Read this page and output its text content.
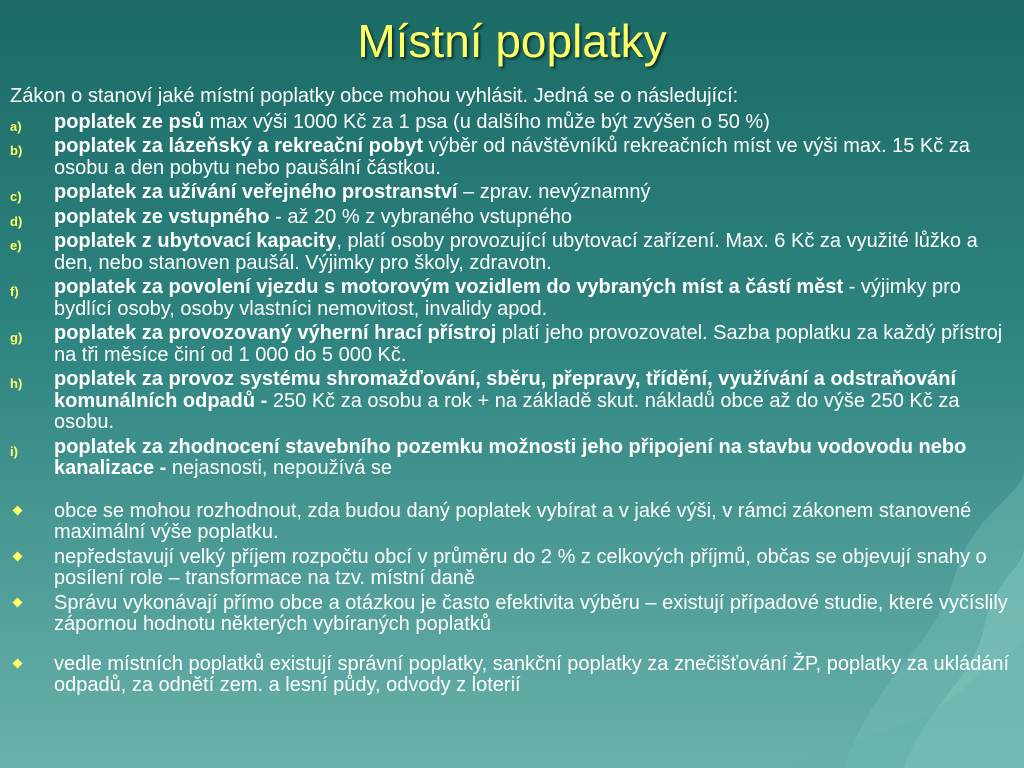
Místní poplatky
Zákon o stanoví jaké místní poplatky obce mohou vyhlásit. Jedná se o následující:
a) poplatek ze psů max výši 1000 Kč za 1 psa (u dalšího může být zvýšen o 50 %)
b) poplatek za lázeňský a rekreační pobyt výběr od návštěvníků rekreačních míst ve výši max. 15 Kč za osobu a den pobytu nebo paušální částkou.
c) poplatek za užívání veřejného prostranství – zprav. nevýznamný
d) poplatek ze vstupného - až 20 % z vybraného vstupného
e) poplatek z ubytovací kapacity, platí osoby provozující ubytovací zařízení. Max. 6 Kč za využité lůžko a den, nebo stanoven paušál. Výjimky pro školy, zdravotn.
f) poplatek za povolení vjezdu s motorovým vozidlem do vybraných míst a částí měst - výjimky pro bydlící osoby, osoby vlastníci nemovitost, invalidy apod.
g) poplatek za provozovaný výherní hrací přístroj platí jeho provozovatel. Sazba poplatku za každý přístroj na tři měsíce činí od 1 000 do 5 000 Kč.
h) poplatek za provoz systému shromažďování, sběru, přepravy, třídění, využívání a odstraňování komunálních odpadů - 250 Kč za osobu a rok + na základě skut. nákladů obce až do výše 250 Kč za osobu.
i) poplatek za zhodnocení stavebního pozemku možnosti jeho připojení na stavbu vodovodu nebo kanalizace - nejasnosti, nepoužívá se
obce se mohou rozhodnout, zda budou daný poplatek vybírat a v jaké výši, v rámci zákonem stanovené maximální výše poplatku.
nepředstavují velký příjem rozpočtu obcí v průměru do 2 % z celkových příjmů, občas se objevují snahy o posílení role – transformace na tzv. místní daně
Správu vykonávají přímo obce a otázkou je často efektivita výběru – existují případové studie, které vyčíslily zápornou hodnotu některých vybíraných poplatků
vedle místních poplatků existují správní poplatky, sankční poplatky za znečišťování ŽP, poplatky za ukládání odpadů, za odnětí zem. a lesní půdy, odvody z loterií
